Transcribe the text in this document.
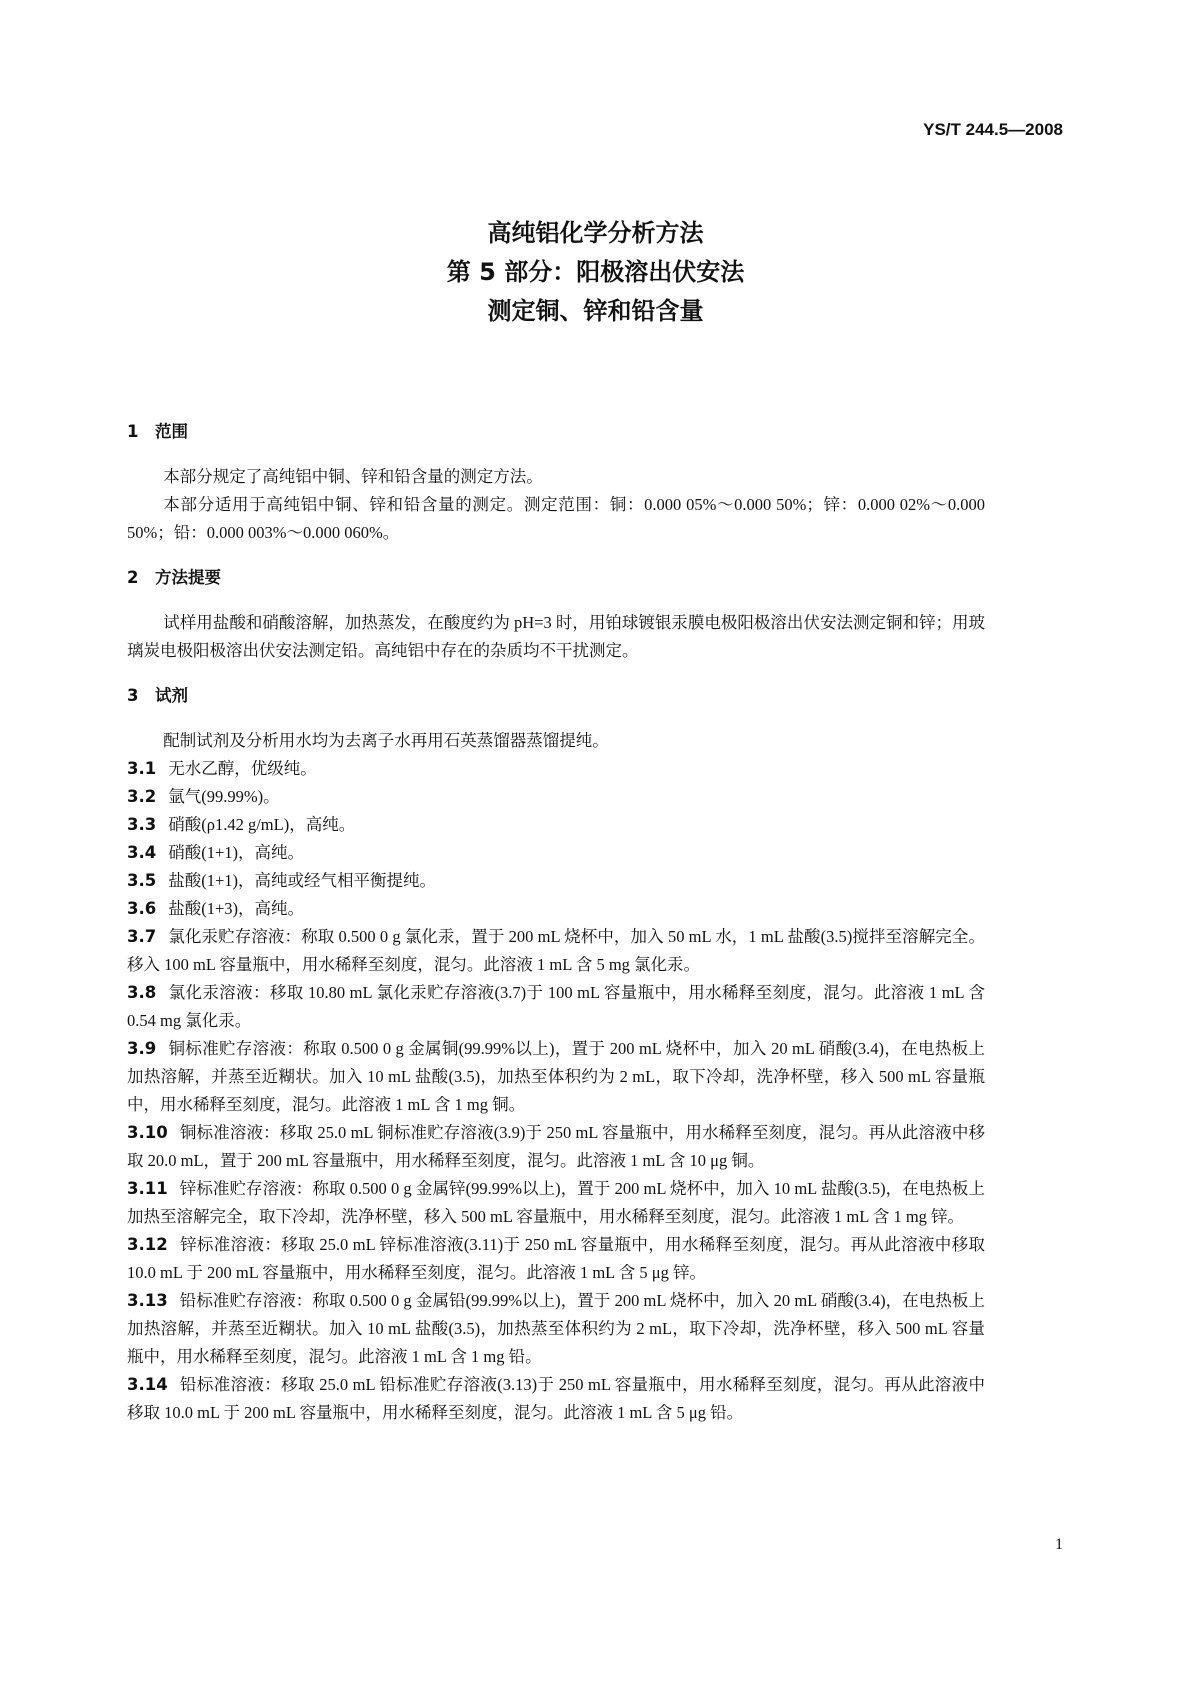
YS/T 244.5—2008
高纯铝化学分析方法
第 5 部分：阳极溶出伏安法
测定铜、锌和铅含量
1 范围

本部分规定了高纯铝中铜、锌和铅含量的测定方法。

本部分适用于高纯铝中铜、锌和铅含量的测定。测定范围：铜：0.000 05%～0.000 50%；锌：0.000 02%～0.000 50%；铅：0.000 003%～0.000 060%。

2 方法提要

试样用盐酸和硝酸溶解，加热蒸发，在酸度约为 pH=3 时，用铂球镀银汞膜电极阳极溶出伏安法测定铜和锌；用玻璃炭电极阳极溶出伏安法测定铅。高纯铝中存在的杂质均不干扰测定。

3 试剂

配制试剂及分析用水均为去离子水再用石英蒸馏器蒸馏提纯。

3.1 无水乙醇，优级纯。

3.2 氩气(99.99%)。

3.3 硝酸(ρ1.42 g/mL)，高纯。

3.4 硝酸(1+1)，高纯。

3.5 盐酸(1+1)，高纯或经气相平衡提纯。

3.6 盐酸(1+3)，高纯。

3.7 氯化汞贮存溶液：称取 0.500 0 g 氯化汞，置于 200 mL 烧杯中，加入 50 mL 水，1 mL 盐酸(3.5)搅拌至溶解完全。移入 100 mL 容量瓶中，用水稀释至刻度，混匀。此溶液 1 mL 含 5 mg 氯化汞。

3.8 氯化汞溶液：移取 10.80 mL 氯化汞贮存溶液(3.7)于 100 mL 容量瓶中，用水稀释至刻度，混匀。此溶液 1 mL 含 0.54 mg 氯化汞。

3.9 铜标准贮存溶液：称取 0.500 0 g 金属铜(99.99%以上)，置于 200 mL 烧杯中，加入 20 mL 硝酸(3.4)，在电热板上加热溶解，并蒸至近糊状。加入 10 mL 盐酸(3.5)，加热至体积约为 2 mL，取下冷却，洗净杯壁，移入 500 mL 容量瓶中，用水稀释至刻度，混匀。此溶液 1 mL 含 1 mg 铜。

3.10 铜标准溶液：移取 25.0 mL 铜标准贮存溶液(3.9)于 250 mL 容量瓶中，用水稀释至刻度，混匀。再从此溶液中移取 20.0 mL，置于 200 mL 容量瓶中，用水稀释至刻度，混匀。此溶液 1 mL 含 10 μg 铜。

3.11 锌标准贮存溶液：称取 0.500 0 g 金属锌(99.99%以上)，置于 200 mL 烧杯中，加入 10 mL 盐酸(3.5)，在电热板上加热至溶解完全，取下冷却，洗净杯壁，移入 500 mL 容量瓶中，用水稀释至刻度，混匀。此溶液 1 mL 含 1 mg 锌。

3.12 锌标准溶液：移取 25.0 mL 锌标准溶液(3.11)于 250 mL 容量瓶中，用水稀释至刻度，混匀。再从此溶液中移取 10.0 mL 于 200 mL 容量瓶中，用水稀释至刻度，混匀。此溶液 1 mL 含 5 μg 锌。

3.13 铅标准贮存溶液：称取 0.500 0 g 金属铅(99.99%以上)，置于 200 mL 烧杯中，加入 20 mL 硝酸(3.4)，在电热板上加热溶解，并蒸至近糊状。加入 10 mL 盐酸(3.5)，加热蒸至体积约为 2 mL，取下冷却，洗净杯壁，移入 500 mL 容量瓶中，用水稀释至刻度，混匀。此溶液 1 mL 含 1 mg 铅。

3.14 铅标准溶液：移取 25.0 mL 铅标准贮存溶液(3.13)于 250 mL 容量瓶中，用水稀释至刻度，混匀。再从此溶液中移取 10.0 mL 于 200 mL 容量瓶中，用水稀释至刻度，混匀。此溶液 1 mL 含 5 μg 铅。

1
